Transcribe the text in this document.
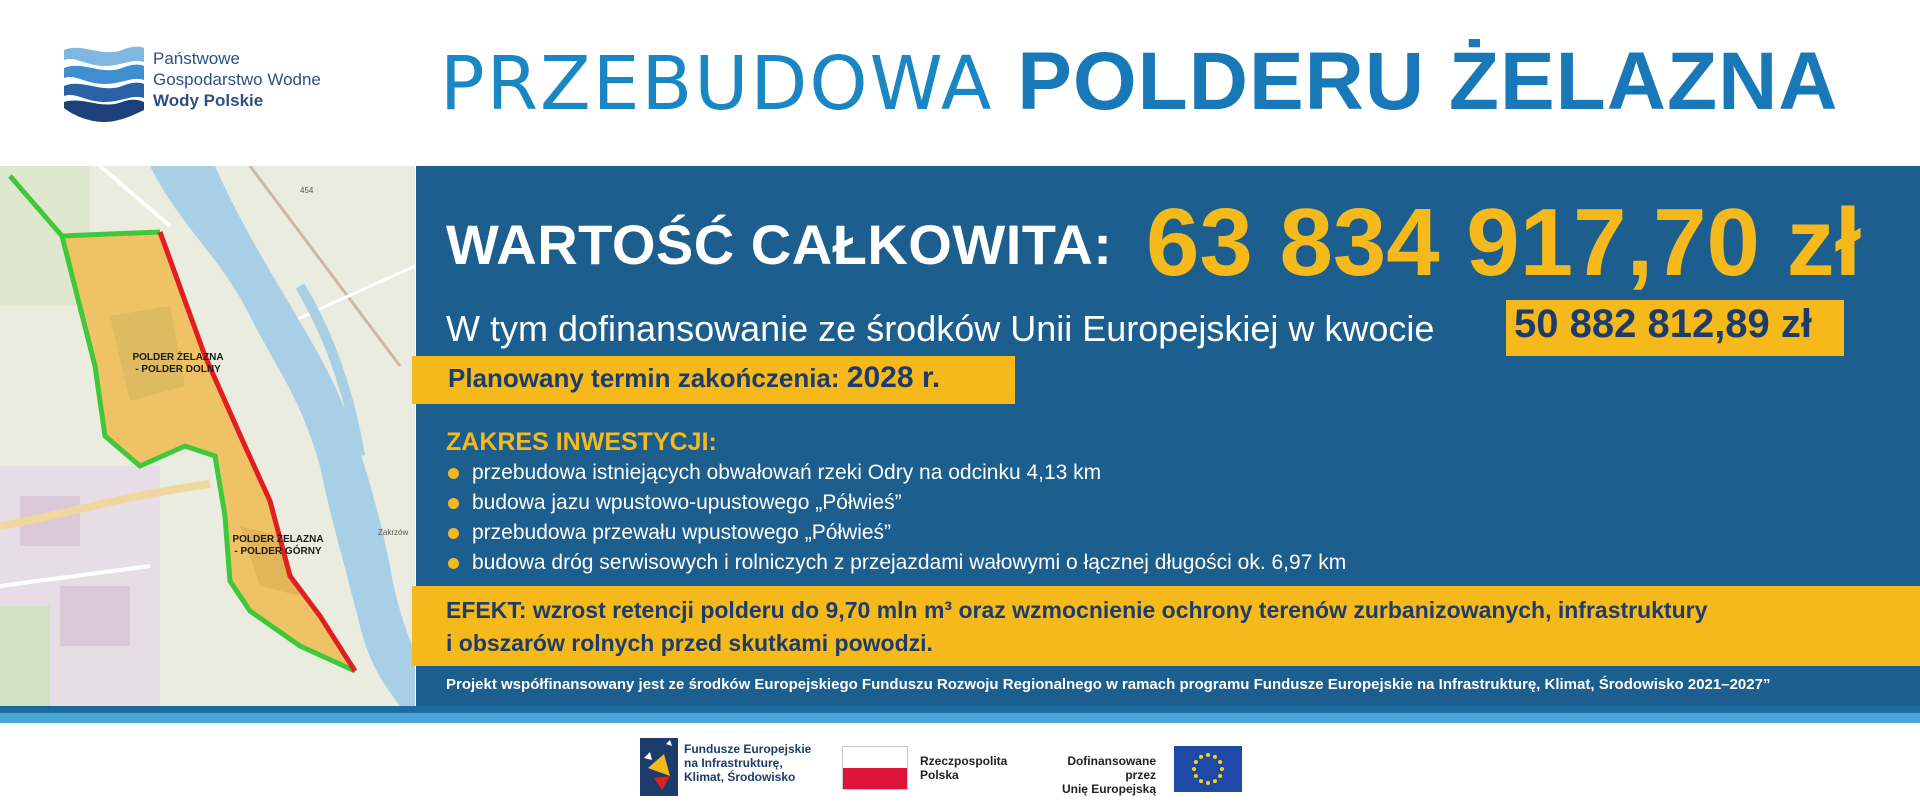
Państwowe
Gospodarstwo Wodne
Wody Polskie	PRZEBUDOWA POLDERU ŻELAZNA
POLDER ŻELAZNA
- POLDER DOLNY
POLDER ŻELAZNA
- POLDER GÓRNY
Zakrzów
454
WARTOŚĆ CAŁKOWITA: 63 834 917,70 zł
W tym dofinansowanie ze środków Unii Europejskiej w kwocie 50 882 812,89 zł
Planowany termin zakończenia: 2028 r.
ZAKRES INWESTYCJI:
przebudowa istniejących obwałowań rzeki Odry na odcinku 4,13 km
budowa jazu wpustowo-upustowego „Półwieś”
przebudowa przewału wpustowego „Półwieś”
budowa dróg serwisowych i rolniczych z przejazdami wałowymi o łącznej długości ok. 6,97 km
EFEKT: wzrost retencji polderu do 9,70 mln m³ oraz wzmocnienie ochrony terenów zurbanizowanych, infrastruktury
i obszarów rolnych przed skutkami powodzi.
Projekt współfinansowany jest ze środków Europejskiego Funduszu Rozwoju Regionalnego w ramach programu Fundusze Europejskie na Infrastrukturę, Klimat, Środowisko 2021–2027”
Fundusze Europejskie
na Infrastrukturę,
Klimat, Środowisko
Rzeczpospolita
Polska
Dofinansowane przez
Unię Europejską
